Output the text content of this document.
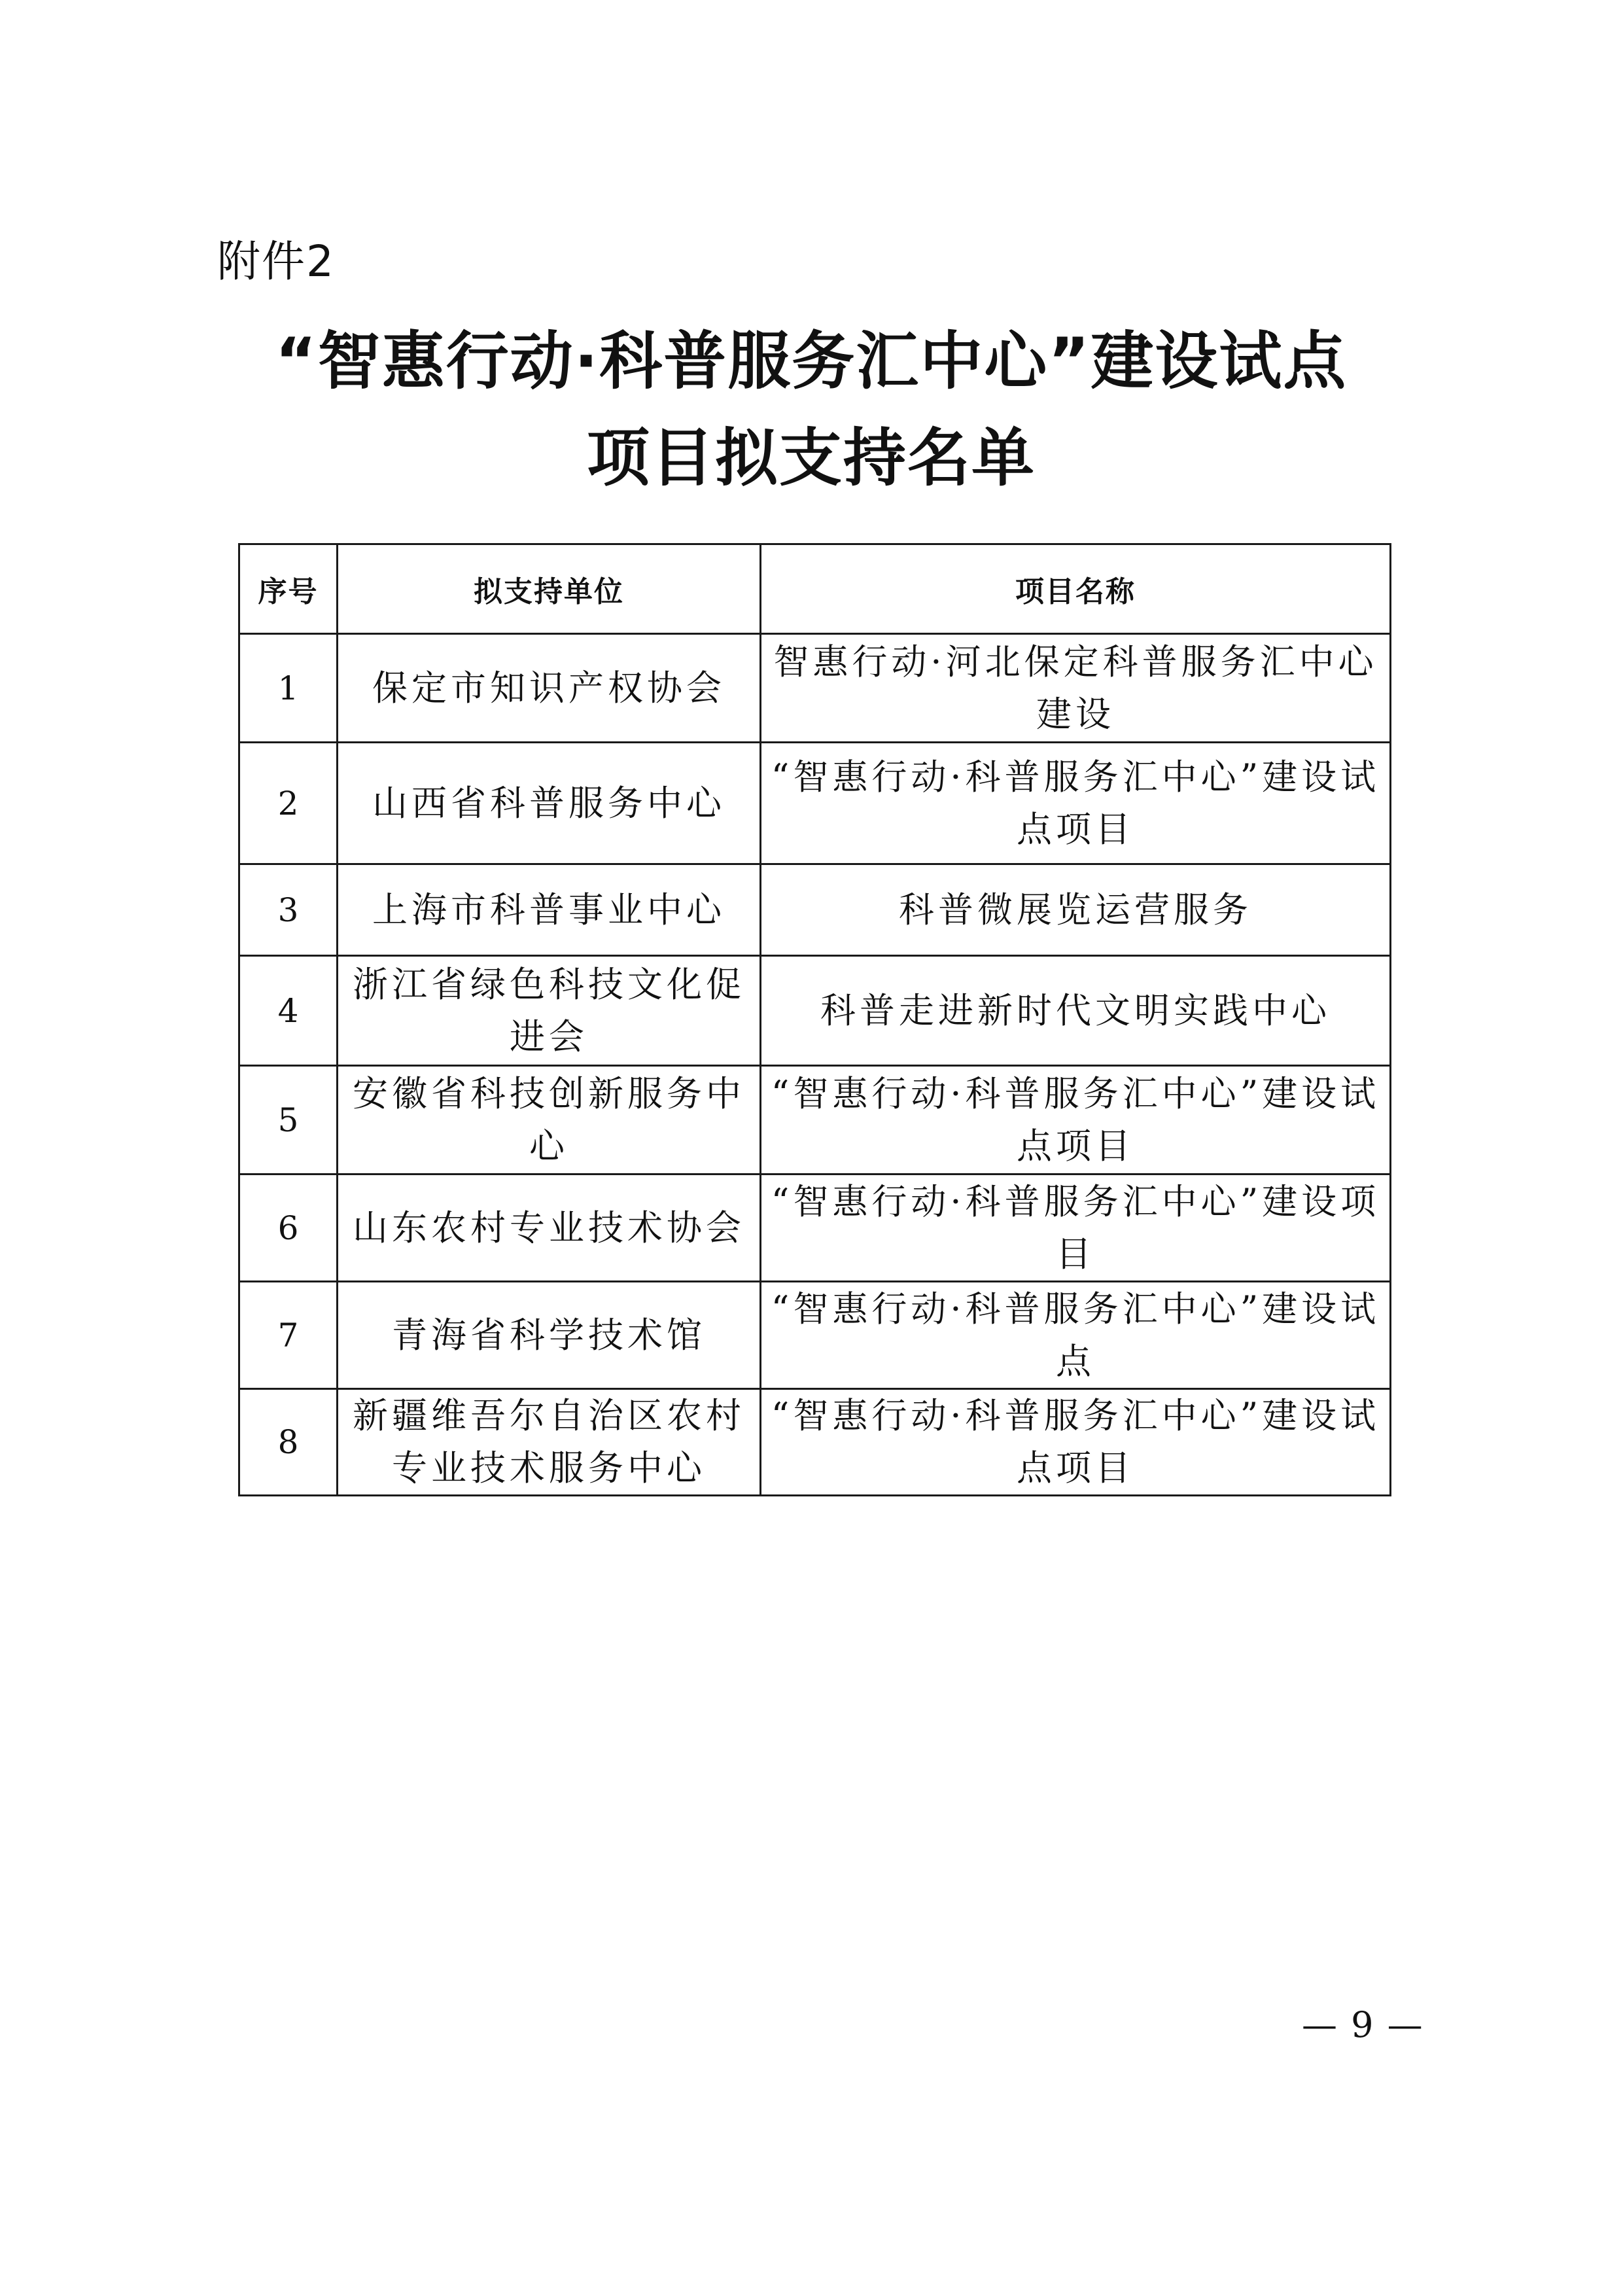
附件2
“智惠行动·科普服务汇中心”建设试点
项目拟支持名单
序号	拟支持单位	项目名称
1	保定市知识产权协会	智惠行动·河北保定科普服务汇中心建设
2	山西省科普服务中心	“智惠行动·科普服务汇中心”建设试点项目
3	上海市科普事业中心	科普微展览运营服务
4	浙江省绿色科技文化促进会	科普走进新时代文明实践中心
5	安徽省科技创新服务中心	“智惠行动·科普服务汇中心”建设试点项目
6	山东农村专业技术协会	“智惠行动·科普服务汇中心”建设项目
7	青海省科学技术馆	“智惠行动·科普服务汇中心”建设试点
8	新疆维吾尔自治区农村专业技术服务中心	“智惠行动·科普服务汇中心”建设试点项目
— 9 —
